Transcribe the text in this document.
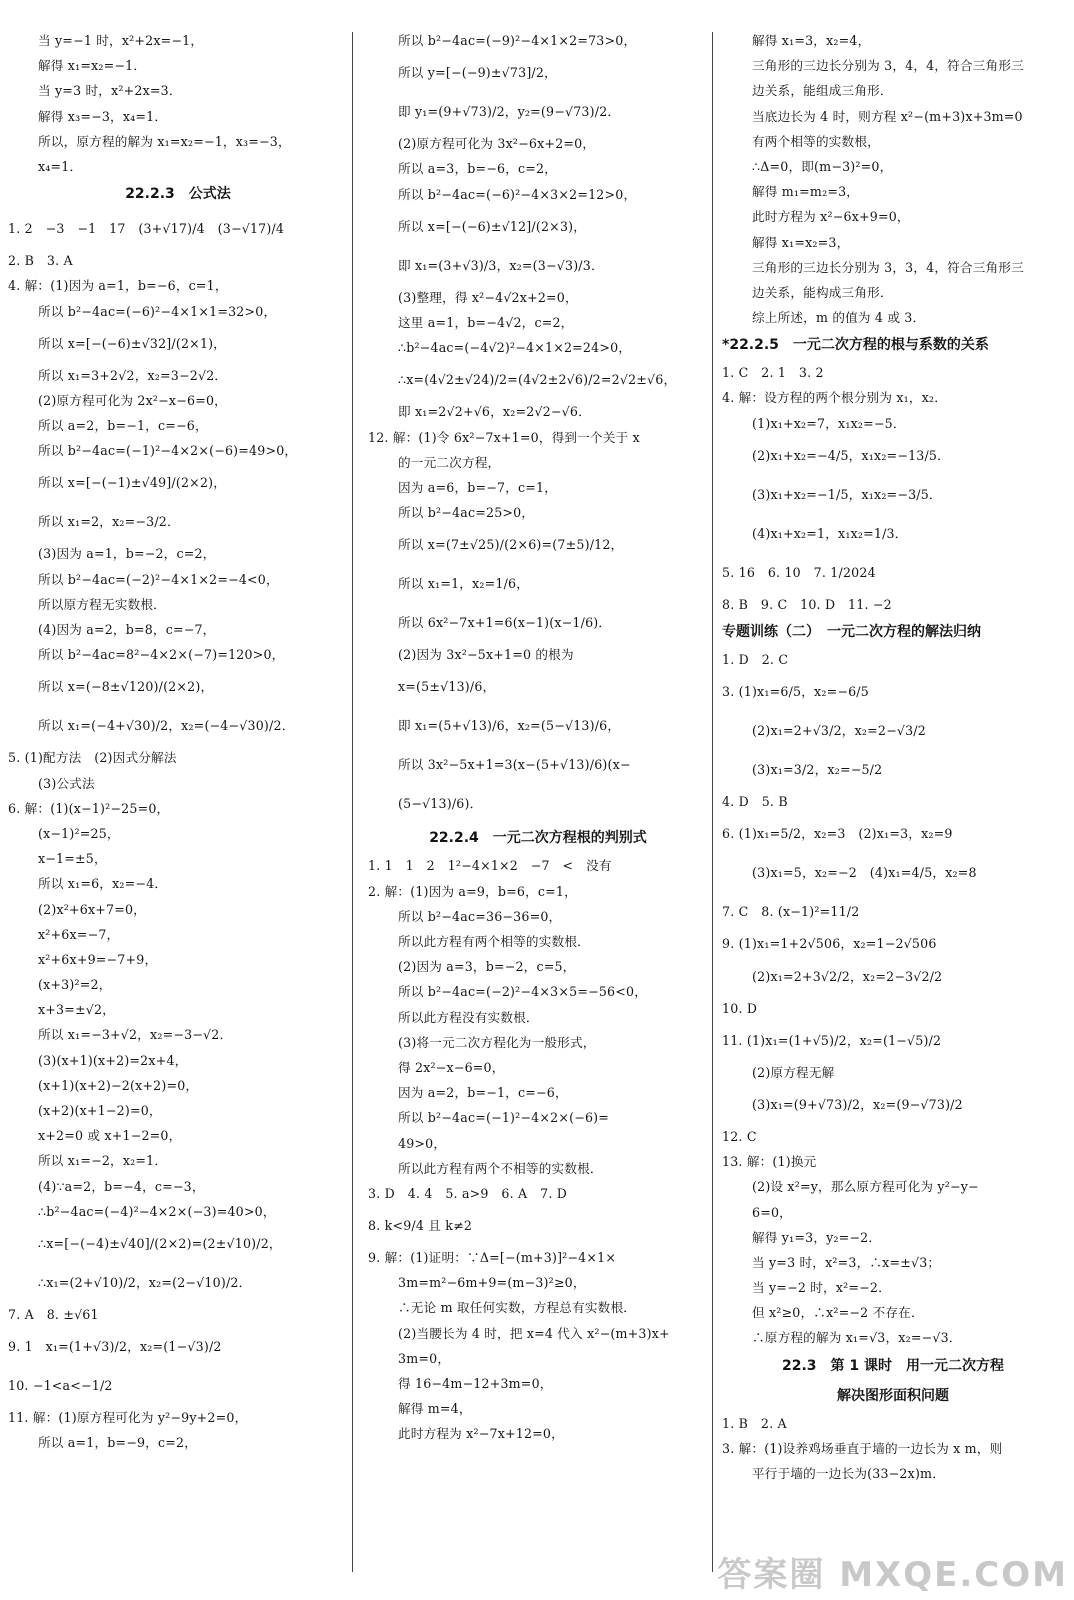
当 y=−1 时，x²+2x=−1，
解得 x₁=x₂=−1．
当 y=3 时，x²+2x=3．
解得 x₃=−3，x₄=1．
所以，原方程的解为 x₁=x₂=−1，x₃=−3，
x₄=1．
22.2.3　公式法
1. 2　−3　−1　17　(3+√17)/4　(3−√17)/4
2. B　3. A
4. 解：(1)因为 a=1，b=−6，c=1，
所以 b²−4ac=(−6)²−4×1×1=32>0，
所以 x=[−(−6)±√32]/(2×1)，
所以 x₁=3+2√2，x₂=3−2√2．
(2)原方程可化为 2x²−x−6=0，
所以 a=2，b=−1，c=−6，
所以 b²−4ac=(−1)²−4×2×(−6)=49>0，
所以 x=[−(−1)±√49]/(2×2)，
所以 x₁=2，x₂=−3/2．
(3)因为 a=1，b=−2，c=2，
所以 b²−4ac=(−2)²−4×1×2=−4<0，
所以原方程无实数根．
(4)因为 a=2，b=8，c=−7，
所以 b²−4ac=8²−4×2×(−7)=120>0，
所以 x=(−8±√120)/(2×2)，
所以 x₁=(−4+√30)/2，x₂=(−4−√30)/2．
5. (1)配方法　(2)因式分解法
(3)公式法
6. 解：(1)(x−1)²−25=0，
(x−1)²=25，
x−1=±5，
所以 x₁=6，x₂=−4．
(2)x²+6x+7=0，
x²+6x=−7，
x²+6x+9=−7+9，
(x+3)²=2，
x+3=±√2，
所以 x₁=−3+√2，x₂=−3−√2．
(3)(x+1)(x+2)=2x+4，
(x+1)(x+2)−2(x+2)=0，
(x+2)(x+1−2)=0，
x+2=0 或 x+1−2=0，
所以 x₁=−2，x₂=1．
(4)∵a=2，b=−4，c=−3，
∴b²−4ac=(−4)²−4×2×(−3)=40>0，
∴x=[−(−4)±√40]/(2×2)=(2±√10)/2，
∴x₁=(2+√10)/2，x₂=(2−√10)/2．
7. A　8. ±√61
9. 1　x₁=(1+√3)/2，x₂=(1−√3)/2
10. −1<a<−1/2
11. 解：(1)原方程可化为 y²−9y+2=0，
所以 a=1，b=−9，c=2，
所以 b²−4ac=(−9)²−4×1×2=73>0，
所以 y=[−(−9)±√73]/2，
即 y₁=(9+√73)/2，y₂=(9−√73)/2．
(2)原方程可化为 3x²−6x+2=0，
所以 a=3，b=−6，c=2，
所以 b²−4ac=(−6)²−4×3×2=12>0，
所以 x=[−(−6)±√12]/(2×3)，
即 x₁=(3+√3)/3，x₂=(3−√3)/3．
(3)整理，得 x²−4√2x+2=0，
这里 a=1，b=−4√2，c=2，
∴b²−4ac=(−4√2)²−4×1×2=24>0，
∴x=(4√2±√24)/2=(4√2±2√6)/2=2√2±√6，
即 x₁=2√2+√6，x₂=2√2−√6．
12. 解：(1)令 6x²−7x+1=0，得到一个关于 x
的一元二次方程，
因为 a=6，b=−7，c=1，
所以 b²−4ac=25>0，
所以 x=(7±√25)/(2×6)=(7±5)/12，
所以 x₁=1，x₂=1/6，
所以 6x²−7x+1=6(x−1)(x−1/6)．
(2)因为 3x²−5x+1=0 的根为
x=(5±√13)/6，
即 x₁=(5+√13)/6，x₂=(5−√13)/6，
所以 3x²−5x+1=3(x−(5+√13)/6)(x−
(5−√13)/6)．
22.2.4　一元二次方程根的判别式
1. 1　1　2　1²−4×1×2　−7　<　没有
2. 解：(1)因为 a=9，b=6，c=1，
所以 b²−4ac=36−36=0，
所以此方程有两个相等的实数根．
(2)因为 a=3，b=−2，c=5，
所以 b²−4ac=(−2)²−4×3×5=−56<0，
所以此方程没有实数根．
(3)将一元二次方程化为一般形式，
得 2x²−x−6=0，
因为 a=2，b=−1，c=−6，
所以 b²−4ac=(−1)²−4×2×(−6)=
49>0，
所以此方程有两个不相等的实数根．
3. D　4. 4　5. a>9　6. A　7. D
8. k<9/4 且 k≠2
9. 解：(1)证明：∵Δ=[−(m+3)]²−4×1×
3m=m²−6m+9=(m−3)²≥0，
∴无论 m 取任何实数，方程总有实数根．
(2)当腰长为 4 时，把 x=4 代入 x²−(m+3)x+
3m=0，
得 16−4m−12+3m=0，
解得 m=4，
此时方程为 x²−7x+12=0，
解得 x₁=3，x₂=4，
三角形的三边长分别为 3，4，4，符合三角形三
边关系，能组成三角形．
当底边长为 4 时，则方程 x²−(m+3)x+3m=0
有两个相等的实数根，
∴Δ=0，即(m−3)²=0，
解得 m₁=m₂=3，
此时方程为 x²−6x+9=0，
解得 x₁=x₂=3，
三角形的三边长分别为 3，3，4，符合三角形三
边关系，能构成三角形．
综上所述，m 的值为 4 或 3．
*22.2.5　一元二次方程的根与系数的关系
1. C　2. 1　3. 2
4. 解：设方程的两个根分别为 x₁，x₂．
(1)x₁+x₂=7，x₁x₂=−5．
(2)x₁+x₂=−4/5，x₁x₂=−13/5．
(3)x₁+x₂=−1/5，x₁x₂=−3/5．
(4)x₁+x₂=1，x₁x₂=1/3．
5. 16　6. 10　7. 1/2024
8. B　9. C　10. D　11. −2
专题训练（二）　一元二次方程的解法归纳
1. D　2. C
3. (1)x₁=6/5，x₂=−6/5
(2)x₁=2+√3/2，x₂=2−√3/2
(3)x₁=3/2，x₂=−5/2
4. D　5. B
6. (1)x₁=5/2，x₂=3　(2)x₁=3，x₂=9
(3)x₁=5，x₂=−2　(4)x₁=4/5，x₂=8
7. C　8. (x−1)²=11/2
9. (1)x₁=1+2√506，x₂=1−2√506
(2)x₁=2+3√2/2，x₂=2−3√2/2
10. D
11. (1)x₁=(1+√5)/2，x₂=(1−√5)/2
(2)原方程无解
(3)x₁=(9+√73)/2，x₂=(9−√73)/2
12. C
13. 解：(1)换元
(2)设 x²=y，那么原方程可化为 y²−y−
6=0，
解得 y₁=3，y₂=−2．
当 y=3 时，x²=3，∴x=±√3；
当 y=−2 时，x²=−2．
但 x²≥0，∴x²=−2 不存在．
∴原方程的解为 x₁=√3，x₂=−√3．
22.3　第 1 课时　用一元二次方程
解决图形面积问题
1. B　2. A
3. 解：(1)设养鸡场垂直于墙的一边长为 x m，则
平行于墙的一边长为(33−2x)m．
答案圈 MXQE.COM
